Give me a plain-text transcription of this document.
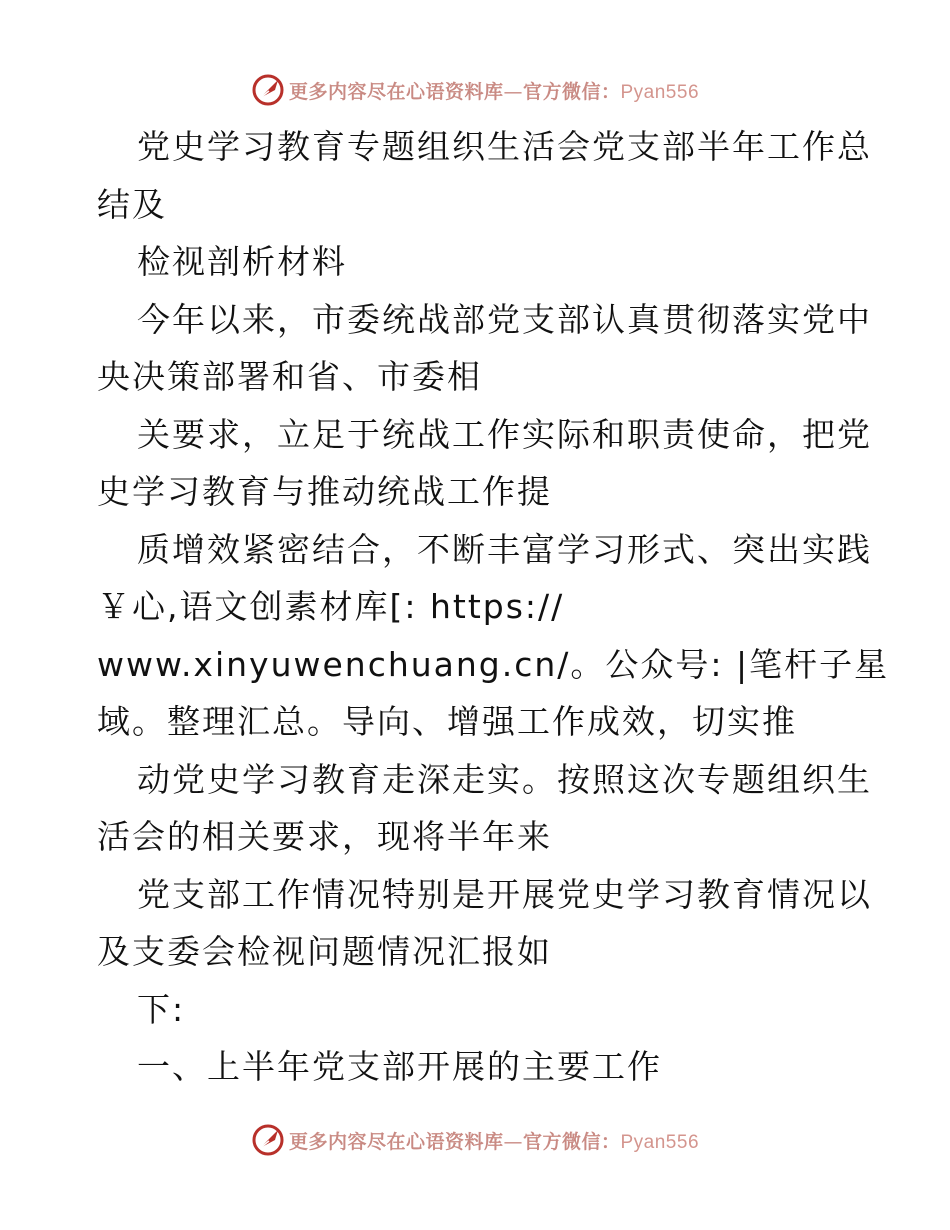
更多内容尽在心语资料库—官方微信：Pyan556
党史学习教育专题组织生活会党支部半年工作总
结及
检视剖析材料
今年以来，市委统战部党支部认真贯彻落实党中
央决策部署和省、市委相
关要求，立足于统战工作实际和职责使命，把党
史学习教育与推动统战工作提
质增效紧密结合，不断丰富学习形式、突出实践
￥心,语文创素材库[: https://
www.xinyuwenchuang.cn/。公众号: |笔杆子星
域。整理汇总。导向、增强工作成效，切实推
动党史学习教育走深走实。按照这次专题组织生
活会的相关要求，现将半年来
党支部工作情况特别是开展党史学习教育情况以
及支委会检视问题情况汇报如
下:
一、上半年党支部开展的主要工作
更多内容尽在心语资料库—官方微信：Pyan556
